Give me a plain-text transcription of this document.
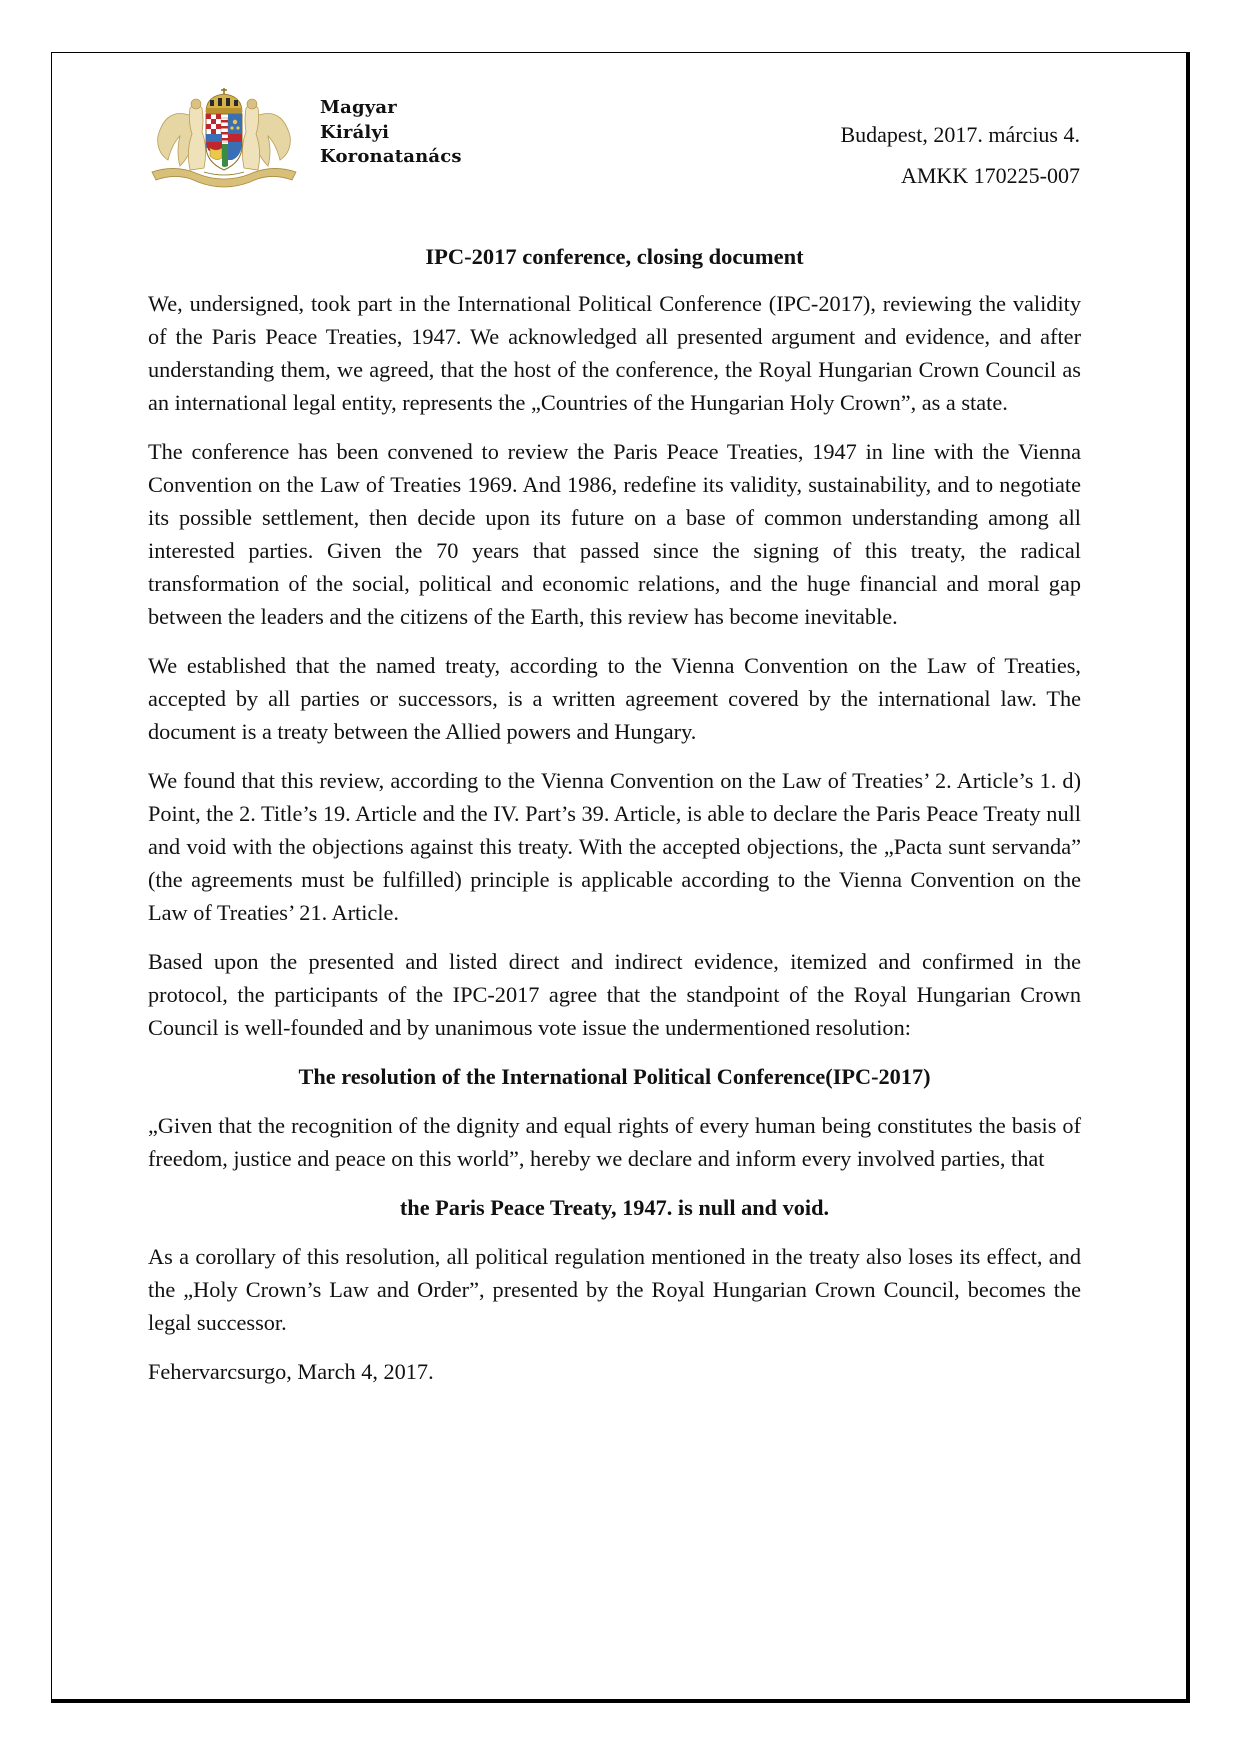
Magyar
Királyi
Koronatanács
Budapest, 2017. március 4.
AMKK 170225-007
IPC-2017 conference, closing document

We, undersigned, took part in the International Political Conference (IPC-2017), reviewing the validity of the Paris Peace Treaties, 1947. We acknowledged all presented argument and evidence, and after understanding them, we agreed, that the host of the conference, the Royal Hungarian Crown Council as an international legal entity, represents the „Countries of the Hungarian Holy Crown”, as a state.

The conference has been convened to review the Paris Peace Treaties, 1947 in line with the Vienna Convention on the Law of Treaties 1969. And 1986, redefine its validity, sustainability, and to negotiate its possible settlement, then decide upon its future on a base of common understanding among all interested parties. Given the 70 years that passed since the signing of this treaty, the radical transformation of the social, political and economic relations, and the huge financial and moral gap between the leaders and the citizens of the Earth, this review has become inevitable.

We established that the named treaty, according to the Vienna Convention on the Law of Treaties, accepted by all parties or successors, is a written agreement covered by the international law. The document is a treaty between the Allied powers and Hungary.

We found that this review, according to the Vienna Convention on the Law of Treaties’ 2. Article’s 1. d) Point, the 2. Title’s 19. Article and the IV. Part’s 39. Article, is able to declare the Paris Peace Treaty null and void with the objections against this treaty. With the accepted objections, the „Pacta sunt servanda” (the agreements must be fulfilled) principle is applicable according to the Vienna Convention on the Law of Treaties’ 21. Article.

Based upon the presented and listed direct and indirect evidence, itemized and confirmed in the protocol, the participants of the IPC-2017 agree that the standpoint of the Royal Hungarian Crown Council is well-founded and by unanimous vote issue the undermentioned resolution:

The resolution of the International Political Conference(IPC-2017)

„Given that the recognition of the dignity and equal rights of every human being constitutes the basis of freedom, justice and peace on this world”, hereby we declare and inform every involved parties, that

the Paris Peace Treaty, 1947. is null and void.

As a corollary of this resolution, all political regulation mentioned in the treaty also loses its effect, and the „Holy Crown’s Law and Order”, presented by the Royal Hungarian Crown Council, becomes the legal successor.

Fehervarcsurgo, March 4, 2017.
